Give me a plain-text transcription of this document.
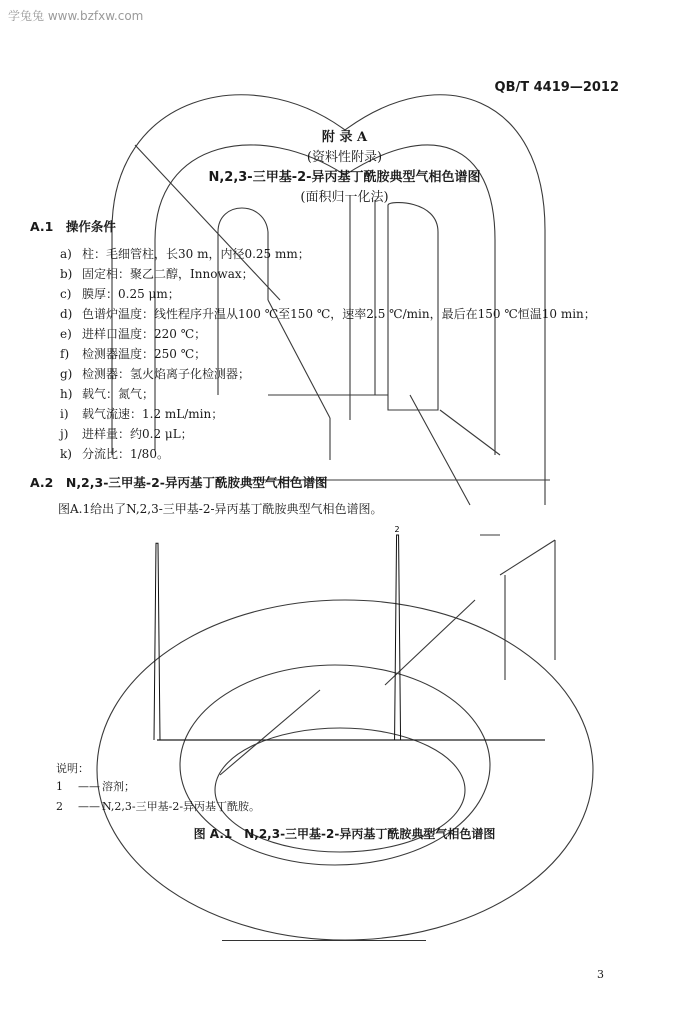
学兔兔 www.bzfxw.com
QB/T 4419—2012
附 录 A
(资料性附录)
N,2,3-三甲基-2-异丙基丁酰胺典型气相色谱图
(面积归一化法)
A.1　操作条件
a) 柱：毛细管柱，长30 m，内径0.25 mm；
b) 固定相：聚乙二醇，Innowax；
c) 膜厚：0.25 μm；
d) 色谱炉温度：线性程序升温从100 ℃至150 ℃，速率2.5 ℃/min，最后在150 ℃恒温10 min；
e) 进样口温度：220 ℃；
f) 检测器温度：250 ℃；
g) 检测器：氢火焰离子化检测器；
h) 载气：氮气；
i) 载气流速：1.2 mL/min；
j) 进样量：约0.2 μL；
k) 分流比：1/80。
A.2　N,2,3-三甲基-2-异丙基丁酰胺典型气相色谱图
图A.1给出了N,2,3-三甲基-2-异丙基丁酰胺典型气相色谱图。
2
说明：
1 —— 溶剂；
2 —— N,2,3-三甲基-2-异丙基丁酰胺。
图 A.1　N,2,3-三甲基-2-异丙基丁酰胺典型气相色谱图
3
